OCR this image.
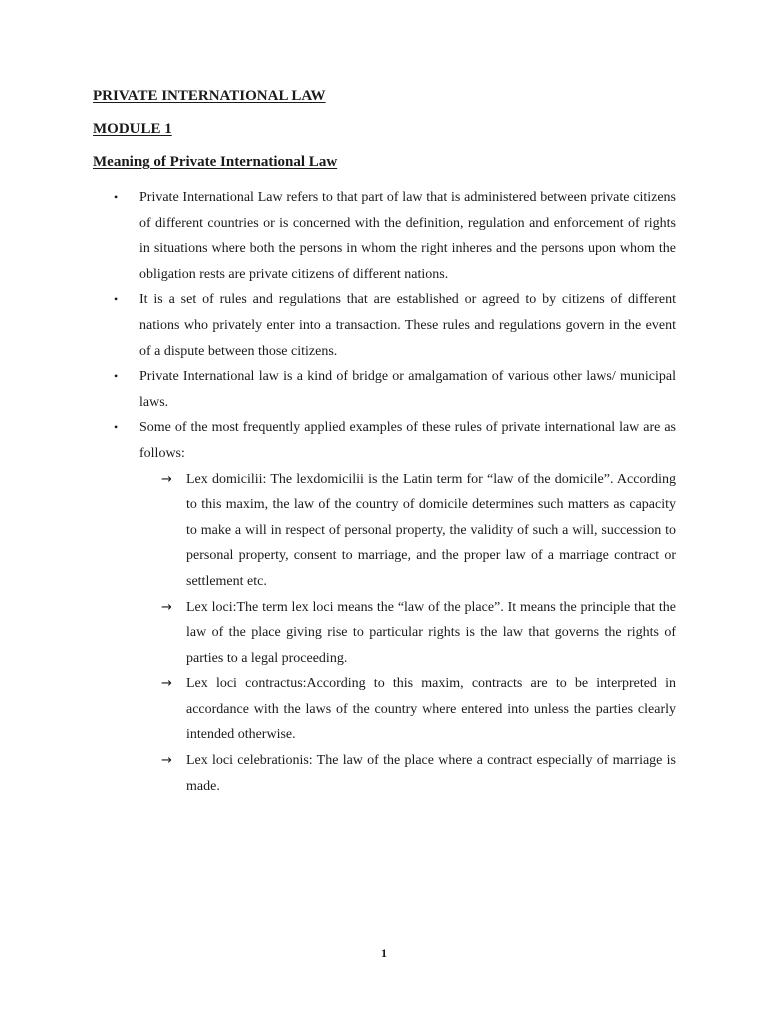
PRIVATE INTERNATIONAL LAW

MODULE 1

Meaning of Private International Law

• Private International Law refers to that part of law that is administered between private citizens of different countries or is concerned with the definition, regulation and enforcement of rights in situations where both the persons in whom the right inheres and the persons upon whom the obligation rests are private citizens of different nations.
• It is a set of rules and regulations that are established or agreed to by citizens of different nations who privately enter into a transaction. These rules and regulations govern in the event of a dispute between those citizens.
• Private International law is a kind of bridge or amalgamation of various other laws/ municipal laws.
• Some of the most frequently applied examples of these rules of private international law are as follows:
→ Lex domicilii: The lexdomicilii is the Latin term for “law of the domicile”. According to this maxim, the law of the country of domicile determines such matters as capacity to make a will in respect of personal property, the validity of such a will, succession to personal property, consent to marriage, and the proper law of a marriage contract or settlement etc.
→ Lex loci:The term lex loci means the “law of the place”. It means the principle that the law of the place giving rise to particular rights is the law that governs the rights of parties to a legal proceeding.
→ Lex loci contractus:According to this maxim, contracts are to be interpreted in accordance with the laws of the country where entered into unless the parties clearly intended otherwise.
→ Lex loci celebrationis: The law of the place where a contract especially of marriage is made.
1
